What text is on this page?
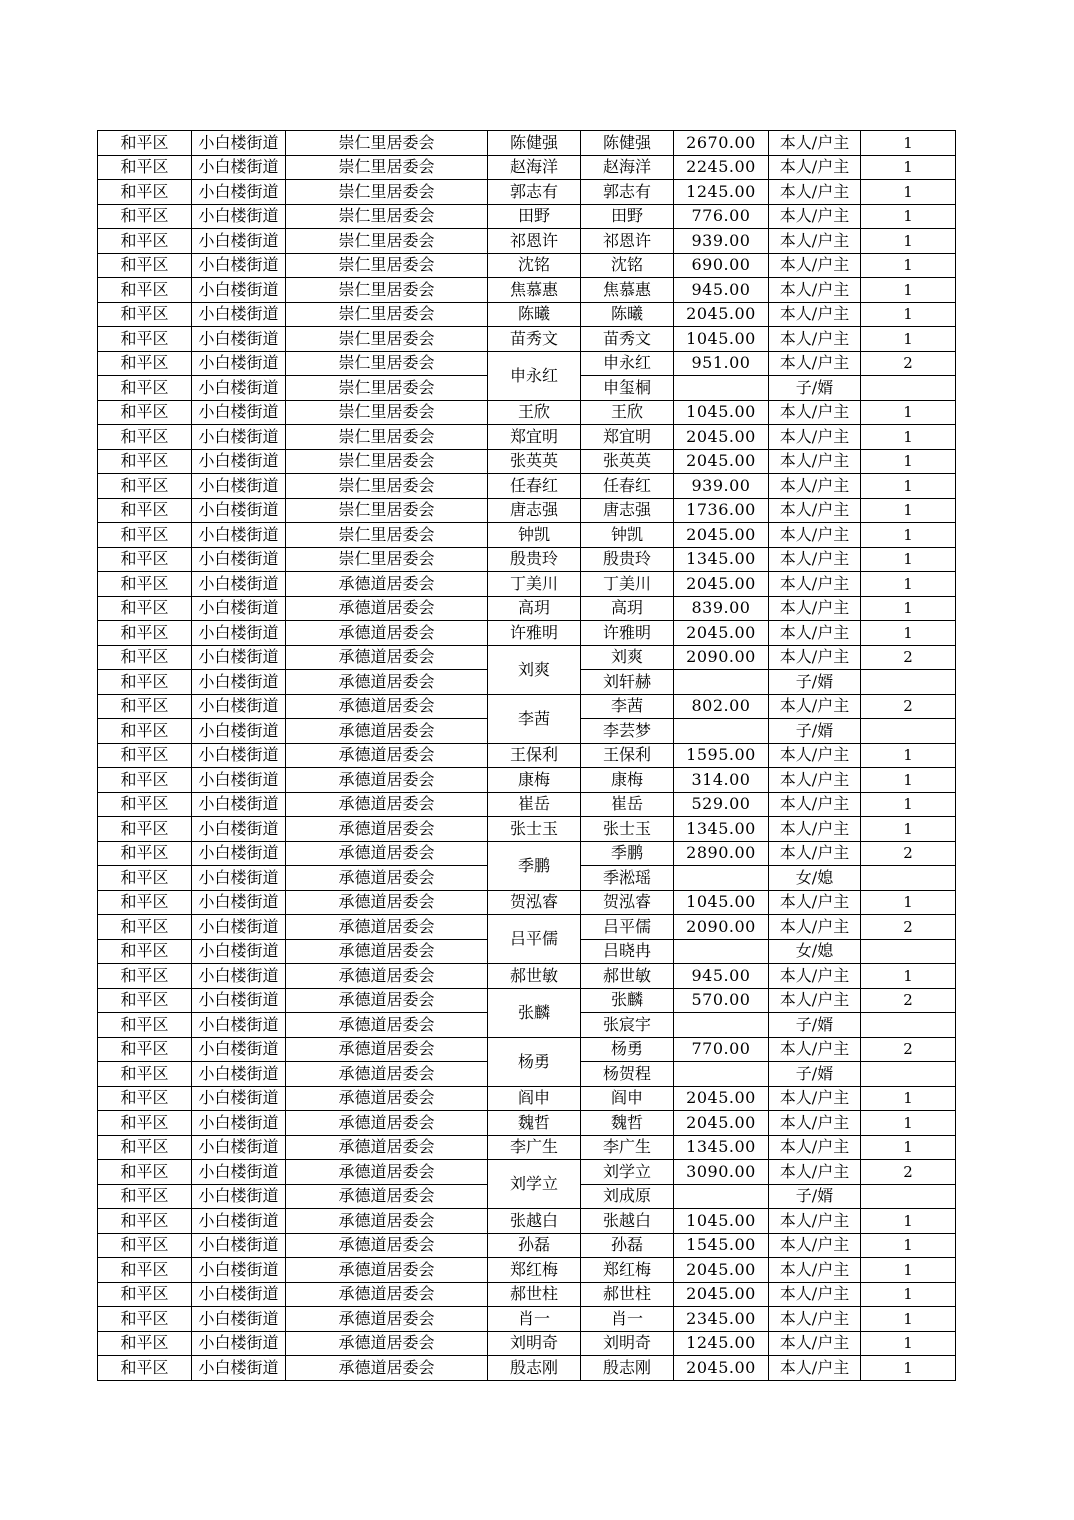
和平区	小白楼街道	崇仁里居委会	陈健强	陈健强	2670.00	本人/户主	1
和平区	小白楼街道	崇仁里居委会	赵海洋	赵海洋	2245.00	本人/户主	1
和平区	小白楼街道	崇仁里居委会	郭志有	郭志有	1245.00	本人/户主	1
和平区	小白楼街道	崇仁里居委会	田野	田野	776.00	本人/户主	1
和平区	小白楼街道	崇仁里居委会	祁恩许	祁恩许	939.00	本人/户主	1
和平区	小白楼街道	崇仁里居委会	沈铭	沈铭	690.00	本人/户主	1
和平区	小白楼街道	崇仁里居委会	焦慕惠	焦慕惠	945.00	本人/户主	1
和平区	小白楼街道	崇仁里居委会	陈曦	陈曦	2045.00	本人/户主	1
和平区	小白楼街道	崇仁里居委会	苗秀文	苗秀文	1045.00	本人/户主	1
和平区	小白楼街道	崇仁里居委会	申永红	申永红	951.00	本人/户主	2
和平区	小白楼街道	崇仁里居委会		申玺桐		子/婿	
和平区	小白楼街道	崇仁里居委会	王欣	王欣	1045.00	本人/户主	1
和平区	小白楼街道	崇仁里居委会	郑宜明	郑宜明	2045.00	本人/户主	1
和平区	小白楼街道	崇仁里居委会	张英英	张英英	2045.00	本人/户主	1
和平区	小白楼街道	崇仁里居委会	任春红	任春红	939.00	本人/户主	1
和平区	小白楼街道	崇仁里居委会	唐志强	唐志强	1736.00	本人/户主	1
和平区	小白楼街道	崇仁里居委会	钟凯	钟凯	2045.00	本人/户主	1
和平区	小白楼街道	崇仁里居委会	殷贵玲	殷贵玲	1345.00	本人/户主	1
和平区	小白楼街道	承德道居委会	丁美川	丁美川	2045.00	本人/户主	1
和平区	小白楼街道	承德道居委会	高玥	高玥	839.00	本人/户主	1
和平区	小白楼街道	承德道居委会	许雅明	许雅明	2045.00	本人/户主	1
和平区	小白楼街道	承德道居委会	刘爽	刘爽	2090.00	本人/户主	2
和平区	小白楼街道	承德道居委会		刘轩赫		子/婿	
和平区	小白楼街道	承德道居委会	李茜	李茜	802.00	本人/户主	2
和平区	小白楼街道	承德道居委会		李芸梦		子/婿	
和平区	小白楼街道	承德道居委会	王保利	王保利	1595.00	本人/户主	1
和平区	小白楼街道	承德道居委会	康梅	康梅	314.00	本人/户主	1
和平区	小白楼街道	承德道居委会	崔岳	崔岳	529.00	本人/户主	1
和平区	小白楼街道	承德道居委会	张士玉	张士玉	1345.00	本人/户主	1
和平区	小白楼街道	承德道居委会	季鹏	季鹏	2890.00	本人/户主	2
和平区	小白楼街道	承德道居委会		季淞瑶		女/媳	
和平区	小白楼街道	承德道居委会	贺泓睿	贺泓睿	1045.00	本人/户主	1
和平区	小白楼街道	承德道居委会	吕平儒	吕平儒	2090.00	本人/户主	2
和平区	小白楼街道	承德道居委会		吕晓冉		女/媳	
和平区	小白楼街道	承德道居委会	郝世敏	郝世敏	945.00	本人/户主	1
和平区	小白楼街道	承德道居委会	张麟	张麟	570.00	本人/户主	2
和平区	小白楼街道	承德道居委会		张宸宇		子/婿	
和平区	小白楼街道	承德道居委会	杨勇	杨勇	770.00	本人/户主	2
和平区	小白楼街道	承德道居委会		杨贺程		子/婿	
和平区	小白楼街道	承德道居委会	阎申	阎申	2045.00	本人/户主	1
和平区	小白楼街道	承德道居委会	魏哲	魏哲	2045.00	本人/户主	1
和平区	小白楼街道	承德道居委会	李广生	李广生	1345.00	本人/户主	1
和平区	小白楼街道	承德道居委会	刘学立	刘学立	3090.00	本人/户主	2
和平区	小白楼街道	承德道居委会		刘成原		子/婿	
和平区	小白楼街道	承德道居委会	张越白	张越白	1045.00	本人/户主	1
和平区	小白楼街道	承德道居委会	孙磊	孙磊	1545.00	本人/户主	1
和平区	小白楼街道	承德道居委会	郑红梅	郑红梅	2045.00	本人/户主	1
和平区	小白楼街道	承德道居委会	郝世柱	郝世柱	2045.00	本人/户主	1
和平区	小白楼街道	承德道居委会	肖一	肖一	2345.00	本人/户主	1
和平区	小白楼街道	承德道居委会	刘明奇	刘明奇	1245.00	本人/户主	1
和平区	小白楼街道	承德道居委会	殷志刚	殷志刚	2045.00	本人/户主	1
